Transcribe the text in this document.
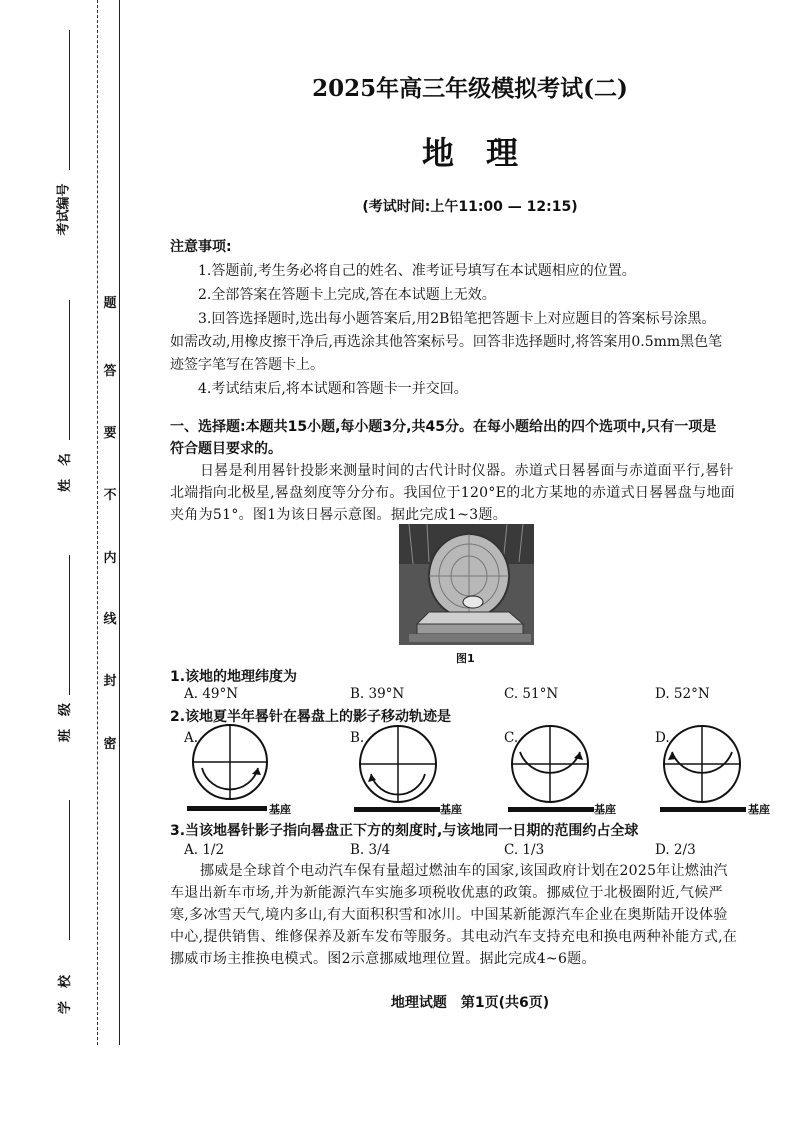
考试编号
姓　名
班　级
学　校
题
答
要
不
内
线
封
密
2025年高三年级模拟考试(二)
地　理
(考试时间:上午11:00 — 12:15)
注意事项:
1.答题前,考生务必将自己的姓名、准考证号填写在本试题相应的位置。
2.全部答案在答题卡上完成,答在本试题上无效。
3.回答选择题时,选出每小题答案后,用2B铅笔把答题卡上对应题目的答案标号涂黑。
如需改动,用橡皮擦干净后,再选涂其他答案标号。回答非选择题时,将答案用0.5mm黑色笔
迹签字笔写在答题卡上。
4.考试结束后,将本试题和答题卡一并交回。
一、选择题:本题共15小题,每小题3分,共45分。在每小题给出的四个选项中,只有一项是
符合题目要求的。
日晷是利用晷针投影来测量时间的古代计时仪器。赤道式日晷晷面与赤道面平行,晷针
北端指向北极星,晷盘刻度等分分布。我国位于120°E的北方某地的赤道式日晷晷盘与地面
夹角为51°。图1为该日晷示意图。据此完成1~3题。
图1
1.该地的地理纬度为
A. 49°N	B. 39°N	C. 51°N	D. 52°N
2.该地夏半年晷针在晷盘上的影子移动轨迹是
A.
基座
B.
基座
C.
基座
D.
基座
3.当该地晷针影子指向晷盘正下方的刻度时,与该地同一日期的范围约占全球
A. 1/2	B. 3/4	C. 1/3	D. 2/3
挪威是全球首个电动汽车保有量超过燃油车的国家,该国政府计划在2025年让燃油汽
车退出新车市场,并为新能源汽车实施多项税收优惠的政策。挪威位于北极圈附近,气候严
寒,多冰雪天气,境内多山,有大面积积雪和冰川。中国某新能源汽车企业在奥斯陆开设体验
中心,提供销售、维修保养及新车发布等服务。其电动汽车支持充电和换电两种补能方式,在
挪威市场主推换电模式。图2示意挪威地理位置。据此完成4~6题。
地理试题　第1页(共6页)
